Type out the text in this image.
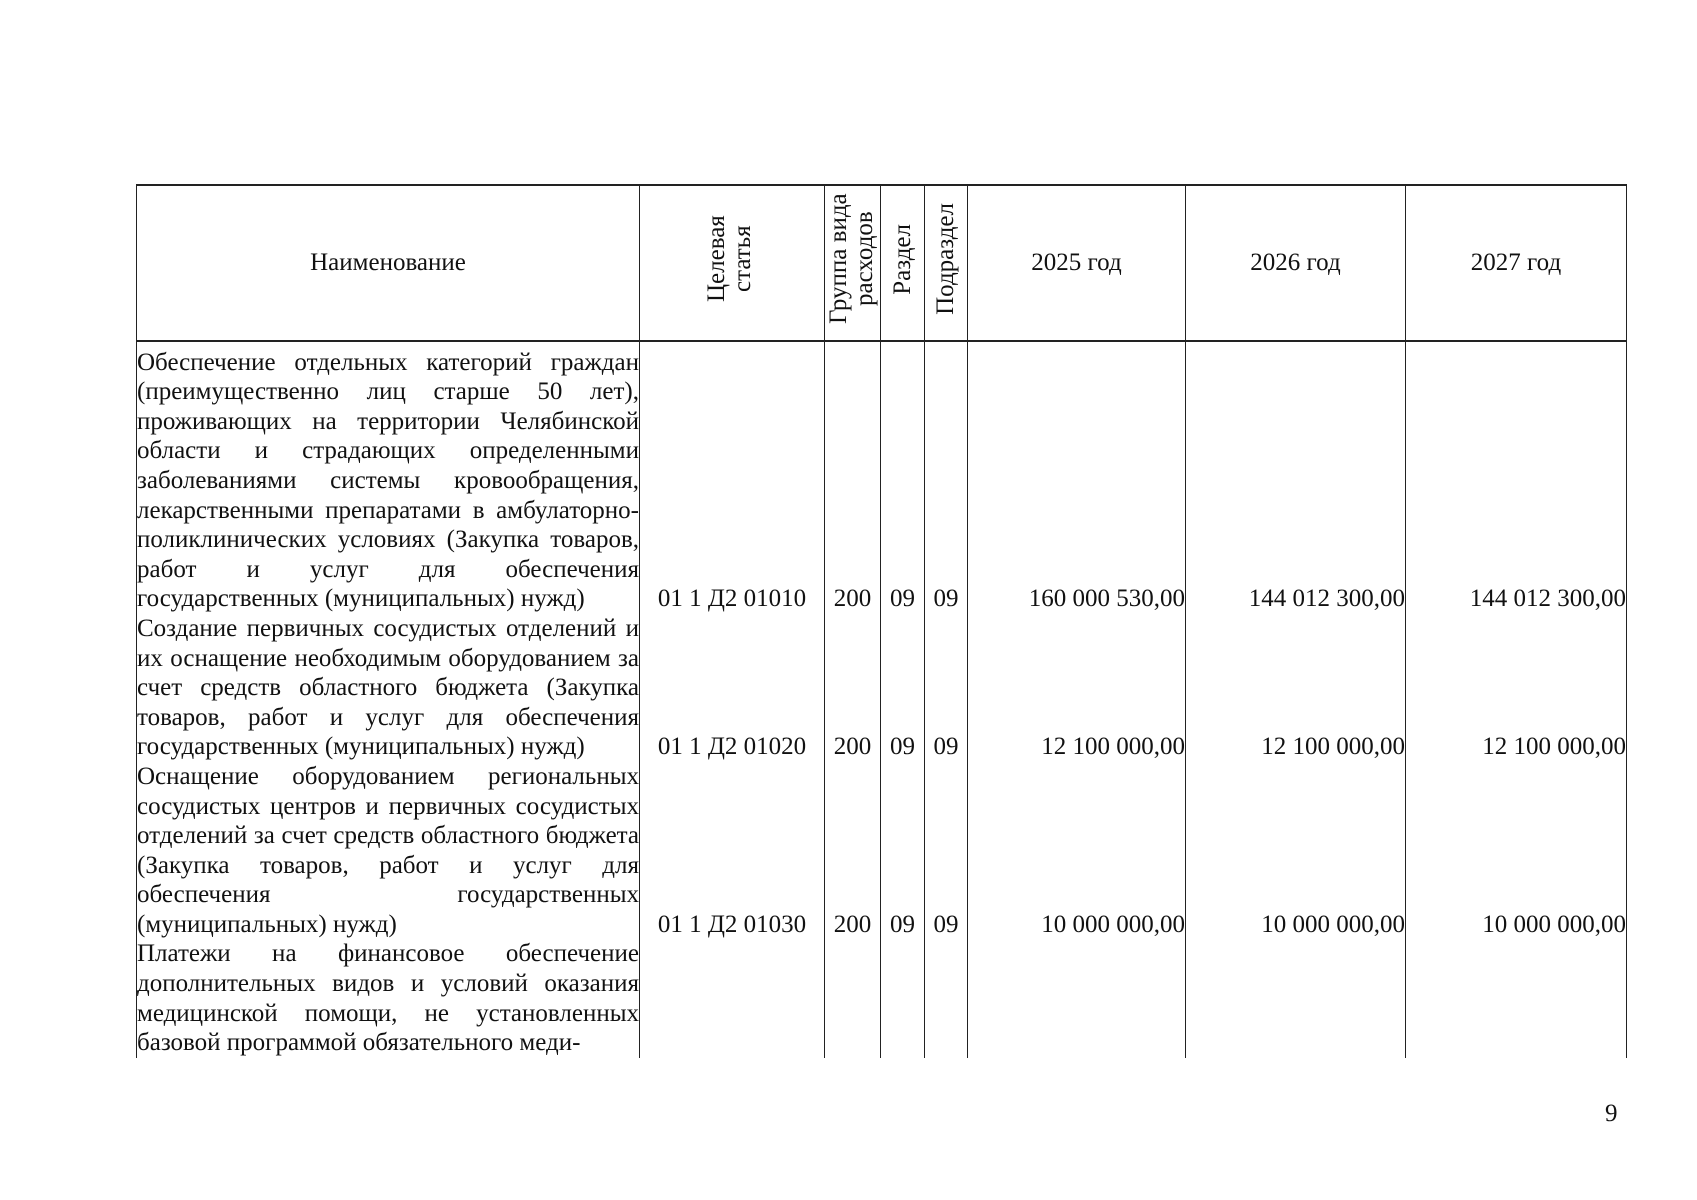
Наименование	Целевая статья	Группа вида расходов	Раздел	Подраздел	2025 год	2026 год	2027 год
Обеспечение отдельных категорий граждан (преимущественно лиц старше 50 лет), проживающих на территории Челябинской области и страдающих определенными заболеваниями системы кровообращения, лекарственными препаратами в амбулаторно-поликлинических условиях (Закупка товаров, работ и услуг для обеспечения государственных (муниципальных) нужд)	01 1 Д2 01010	200	09	09	160 000 530,00	144 012 300,00	144 012 300,00
Создание первичных сосудистых отделений и их оснащение необходимым оборудованием за счет средств областного бюджета (Закупка товаров, работ и услуг для обеспечения государственных (муниципальных) нужд)	01 1 Д2 01020	200	09	09	12 100 000,00	12 100 000,00	12 100 000,00
Оснащение оборудованием региональных сосудистых центров и первичных сосудистых отделений за счет средств областного бюджета (Закупка товаров, работ и услуг для обеспечения государственных (муниципальных) нужд)	01 1 Д2 01030	200	09	09	10 000 000,00	10 000 000,00	10 000 000,00
Платежи на финансовое обеспечение дополнительных видов и условий оказания медицинской помощи, не установленных базовой программой обязательного меди-							
9
